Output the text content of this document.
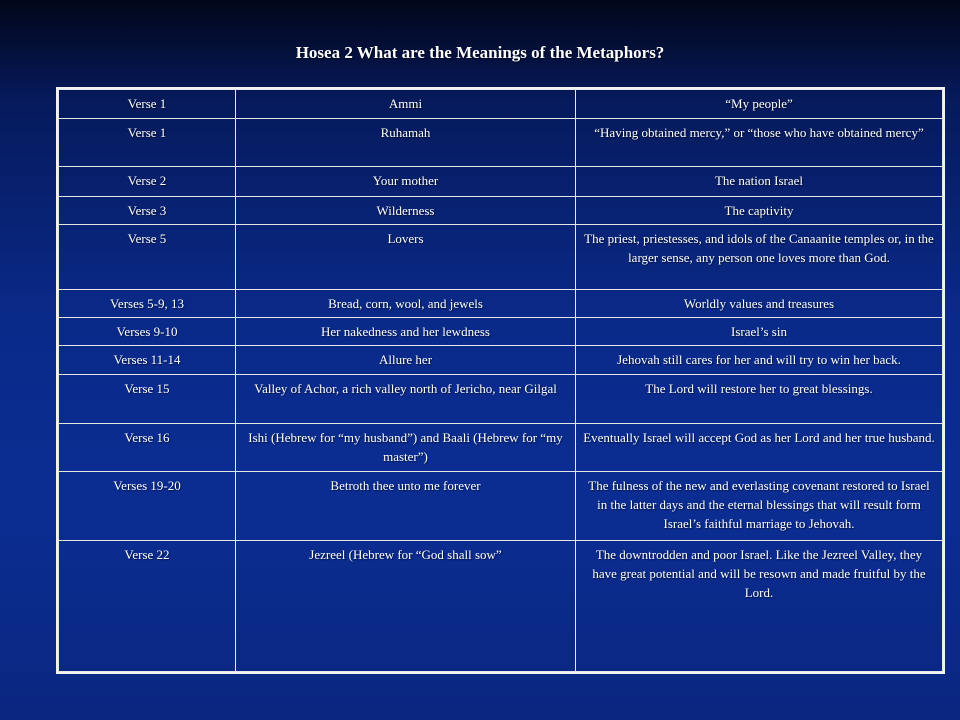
Hosea 2 What are the Meanings of the Metaphors?
Verse 1	Ammi	“My people”
Verse 1	Ruhamah	“Having obtained mercy,” or “those who have obtained mercy”
Verse 2	Your mother	The nation Israel
Verse 3	Wilderness	The captivity
Verse 5	Lovers	The priest, priestesses, and idols of the Canaanite temples or, in the larger sense, any person one loves more than God.
Verses 5-9, 13	Bread, corn, wool, and jewels	Worldly values and treasures
Verses 9-10	Her nakedness and her lewdness	Israel’s sin
Verses 11-14	Allure her	Jehovah still cares for her and will try to win her back.
Verse 15	Valley of Achor, a rich valley north of Jericho, near Gilgal	The Lord will restore her to great blessings.
Verse 16	Ishi (Hebrew for “my husband”) and Baali (Hebrew for “my master”)	Eventually Israel will accept God as her Lord and her true husband.
Verses 19-20	Betroth thee unto me forever	The fulness of the new and everlasting covenant restored to Israel in the latter days and the eternal blessings that will result form Israel’s faithful marriage to Jehovah.
Verse 22	Jezreel (Hebrew for “God shall sow”	The downtrodden and poor Israel. Like the Jezreel Valley, they have great potential and will be resown and made fruitful by the Lord.
